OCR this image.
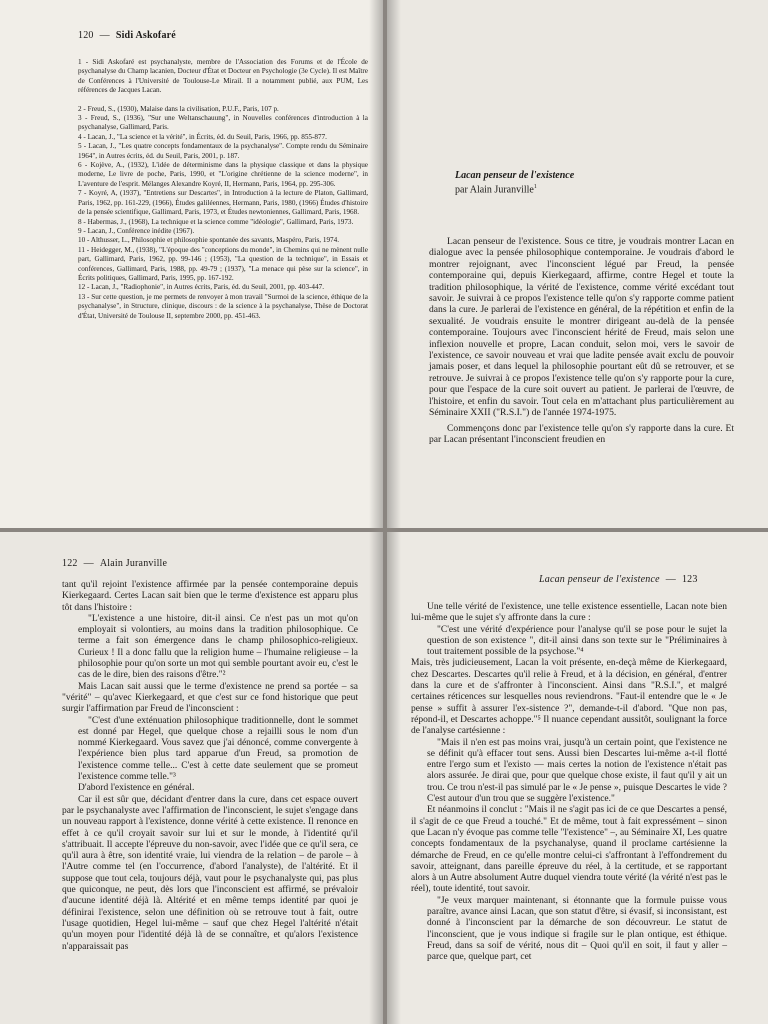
120 — Sidi Askofaré

1 - Sidi Askofaré est psychanalyste, membre de l'Association des Forums et de l'École de psychanalyse du Champ lacanien, Docteur d'État et Docteur en Psychologie (3e Cycle). Il est Maître de Conférences à l'Université de Toulouse-Le Mirail. Il a notamment publié, aux PUM, Les références de Jacques Lacan.

2 - Freud, S., (1930), Malaise dans la civilisation, P.U.F., Paris, 107 p.

3 - Freud, S., (1936), "Sur une Weltanschauung", in Nouvelles conférences d'introduction à la psychanalyse, Gallimard, Paris.

4 - Lacan, J., "La science et la vérité", in Écrits, éd. du Seuil, Paris, 1966, pp. 855-877.

5 - Lacan, J., "Les quatre concepts fondamentaux de la psychanalyse". Compte rendu du Séminaire 1964", in Autres écrits, éd. du Seuil, Paris, 2001, p. 187.

6 - Kojève, A., (1932), L'idée de déterminisme dans la physique classique et dans la physique moderne, Le livre de poche, Paris, 1990, et "L'origine chrétienne de la science moderne", in L'aventure de l'esprit. Mélanges Alexandre Koyré, II, Hermann, Paris, 1964, pp. 295-306.

7 - Koyré, A, (1937), "Entretiens sur Descartes", in Introduction à la lecture de Platon, Gallimard, Paris, 1962, pp. 161-229, (1966), Études galiléennes, Hermann, Paris, 1980, (1966) Études d'histoire de la pensée scientifique, Gallimard, Paris, 1973, et Études newtoniennes, Gallimard, Paris, 1968.

8 - Habermas, J., (1968), La technique et la science comme "idéologie", Gallimard, Paris, 1973.

9 - Lacan, J., Conférence inédite (1967).

10 - Althusser, L., Philosophie et philosophie spontanée des savants, Maspéro, Paris, 1974.

11 - Heidegger, M., (1938), "L'époque des "conceptions du monde", in Chemins qui ne mènent nulle part, Gallimard, Paris, 1962, pp. 99-146 ; (1953), "La question de la technique", in Essais et conférences, Gallimard, Paris, 1988, pp. 49-79 ; (1937), "La menace qui pèse sur la science", in Écrits politiques, Gallimard, Paris, 1995, pp. 167-192.

12 - Lacan, J., "Radiophonie", in Autres écrits, Paris, éd. du Seuil, 2001, pp. 403-447.

13 - Sur cette question, je me permets de renvoyer à mon travail "Surmoi de la science, éthique de la psychanalyse", in Structure, clinique, discours : de la science à la psychanalyse, Thèse de Doctorat d'État, Université de Toulouse II, septembre 2000, pp. 451-463.

Lacan penseur de l'existence
par Alain Juranville$^1$

Lacan penseur de l'existence. Sous ce titre, je voudrais montrer Lacan en dialogue avec la pensée philosophique contemporaine. Je voudrais d'abord le montrer rejoignant, avec l'inconscient légué par Freud, la pensée contemporaine qui, depuis Kierkegaard, affirme, contre Hegel et toute la tradition philosophique, la vérité de l'existence, comme vérité excédant tout savoir. Je suivrai à ce propos l'existence telle qu'on s'y rapporte comme patient dans la cure. Je parlerai de l'existence en général, de la répétition et enfin de la sexualité. Je voudrais ensuite le montrer dirigeant au-delà de la pensée contemporaine. Toujours avec l'inconscient hérité de Freud, mais selon une inflexion nouvelle et propre, Lacan conduit, selon moi, vers le savoir de l'existence, ce savoir nouveau et vrai que ladite pensée avait exclu de pouvoir jamais poser, et dans lequel la philosophie pourtant eût dû se retrouver, et se retrouve. Je suivrai à ce propos l'existence telle qu'on s'y rapporte pour la cure, pour que l'espace de la cure soit ouvert au patient. Je parlerai de l'œuvre, de l'histoire, et enfin du savoir. Tout cela en m'attachant plus particulièrement au Séminaire XXII ("R.S.I.") de l'année 1974-1975.

Commençons donc par l'existence telle qu'on s'y rapporte dans la cure. Et par Lacan présentant l'inconscient freudien en

122 — Alain Juranville

tant qu'il rejoint l'existence affirmée par la pensée contemporaine depuis Kierkegaard. Certes Lacan sait bien que le terme d'existence est apparu plus tôt dans l'histoire :

"L'existence a une histoire, dit-il ainsi. Ce n'est pas un mot qu'on employait si volontiers, au moins dans la tradition philosophique. Ce terme a fait son émergence dans le champ philosophico-religieux. Curieux ! Il a donc fallu que la religion hume – l'humaine religieuse – la philosophie pour qu'on sorte un mot qui semble pourtant avoir eu, c'est le cas de le dire, bien des raisons d'être."²

Mais Lacan sait aussi que le terme d'existence ne prend sa portée – sa "vérité" – qu'avec Kierkegaard, et que c'est sur ce fond historique que peut surgir l'affirmation par Freud de l'inconscient :

"C'est d'une exténuation philosophique traditionnelle, dont le sommet est donné par Hegel, que quelque chose a rejailli sous le nom d'un nommé Kierkegaard. Vous savez que j'ai dénoncé, comme convergente à l'expérience bien plus tard apparue d'un Freud, sa promotion de l'existence comme telle... C'est à cette date seulement que se promeut l'existence comme telle."³

D'abord l'existence en général.

Car il est sûr que, décidant d'entrer dans la cure, dans cet espace ouvert par le psychanalyste avec l'affirmation de l'inconscient, le sujet s'engage dans un nouveau rapport à l'existence, donne vérité à cette existence. Il renonce en effet à ce qu'il croyait savoir sur lui et sur le monde, à l'identité qu'il s'attribuait. Il accepte l'épreuve du non-savoir, avec l'idée que ce qu'il sera, ce qu'il aura à être, son identité vraie, lui viendra de la relation – de parole – à l'Autre comme tel (en l'occurrence, d'abord l'analyste), de l'altérité. Et il suppose que tout cela, toujours déjà, vaut pour le psychanalyste qui, pas plus que quiconque, ne peut, dès lors que l'inconscient est affirmé, se prévaloir d'aucune identité déjà là. Altérité et en même temps identité par quoi je définirai l'existence, selon une définition où se retrouve tout à fait, outre l'usage quotidien, Hegel lui-même – sauf que chez Hegel l'altérité n'était qu'un moyen pour l'identité déjà là de se connaître, et qu'alors l'existence n'apparaissait pas

Lacan penseur de l'existence — 123

Une telle vérité de l'existence, une telle existence essentielle, Lacan note bien lui-même que le sujet s'y affronte dans la cure :

"C'est une vérité d'expérience pour l'analyse qu'il se pose pour le sujet la question de son existence ", dit-il ainsi dans son texte sur le "Préliminaires à tout traitement possible de la psychose."⁴

Mais, très judicieusement, Lacan la voit présente, en-deçà même de Kierkegaard, chez Descartes. Descartes qu'il relie à Freud, et à la décision, en général, d'entrer dans la cure et de s'affronter à l'inconscient. Ainsi dans "R.S.I.", et malgré certaines réticences sur lesquelles nous reviendrons. "Faut-il entendre que le « Je pense » suffit à assurer l'ex-sistence ?", demande-t-il d'abord. "Que non pas, répond-il, et Descartes achoppe."⁵ Il nuance cependant aussitôt, soulignant la force de l'analyse cartésienne :

"Mais il n'en est pas moins vrai, jusqu'à un certain point, que l'existence ne se définit qu'à effacer tout sens. Aussi bien Descartes lui-même a-t-il flotté entre l'ergo sum et l'existo — mais certes la notion de l'existence n'était pas alors assurée. Je dirai que, pour que quelque chose existe, il faut qu'il y ait un trou. Ce trou n'est-il pas simulé par le « Je pense », puisque Descartes le vide ? C'est autour d'un trou que se suggère l'existence."

Et néanmoins il conclut : "Mais il ne s'agit pas ici de ce que Descartes a pensé, il s'agit de ce que Freud a touché." Et de même, tout à fait expressément – sinon que Lacan n'y évoque pas comme telle "l'existence" –, au Séminaire XI, Les quatre concepts fondamentaux de la psychanalyse, quand il proclame cartésienne la démarche de Freud, en ce qu'elle montre celui-ci s'affrontant à l'effondrement du savoir, atteignant, dans pareille épreuve du réel, à la certitude, et se rapportant alors à un Autre absolument Autre duquel viendra toute vérité (la vérité n'est pas le réel), toute identité, tout savoir.

"Je veux marquer maintenant, si étonnante que la formule puisse vous paraître, avance ainsi Lacan, que son statut d'être, si évasif, si inconsistant, est donné à l'inconscient par la démarche de son découvreur. Le statut de l'inconscient, que je vous indique si fragile sur le plan ontique, est éthique. Freud, dans sa soif de vérité, nous dit – Quoi qu'il en soit, il faut y aller – parce que, quelque part, cet
